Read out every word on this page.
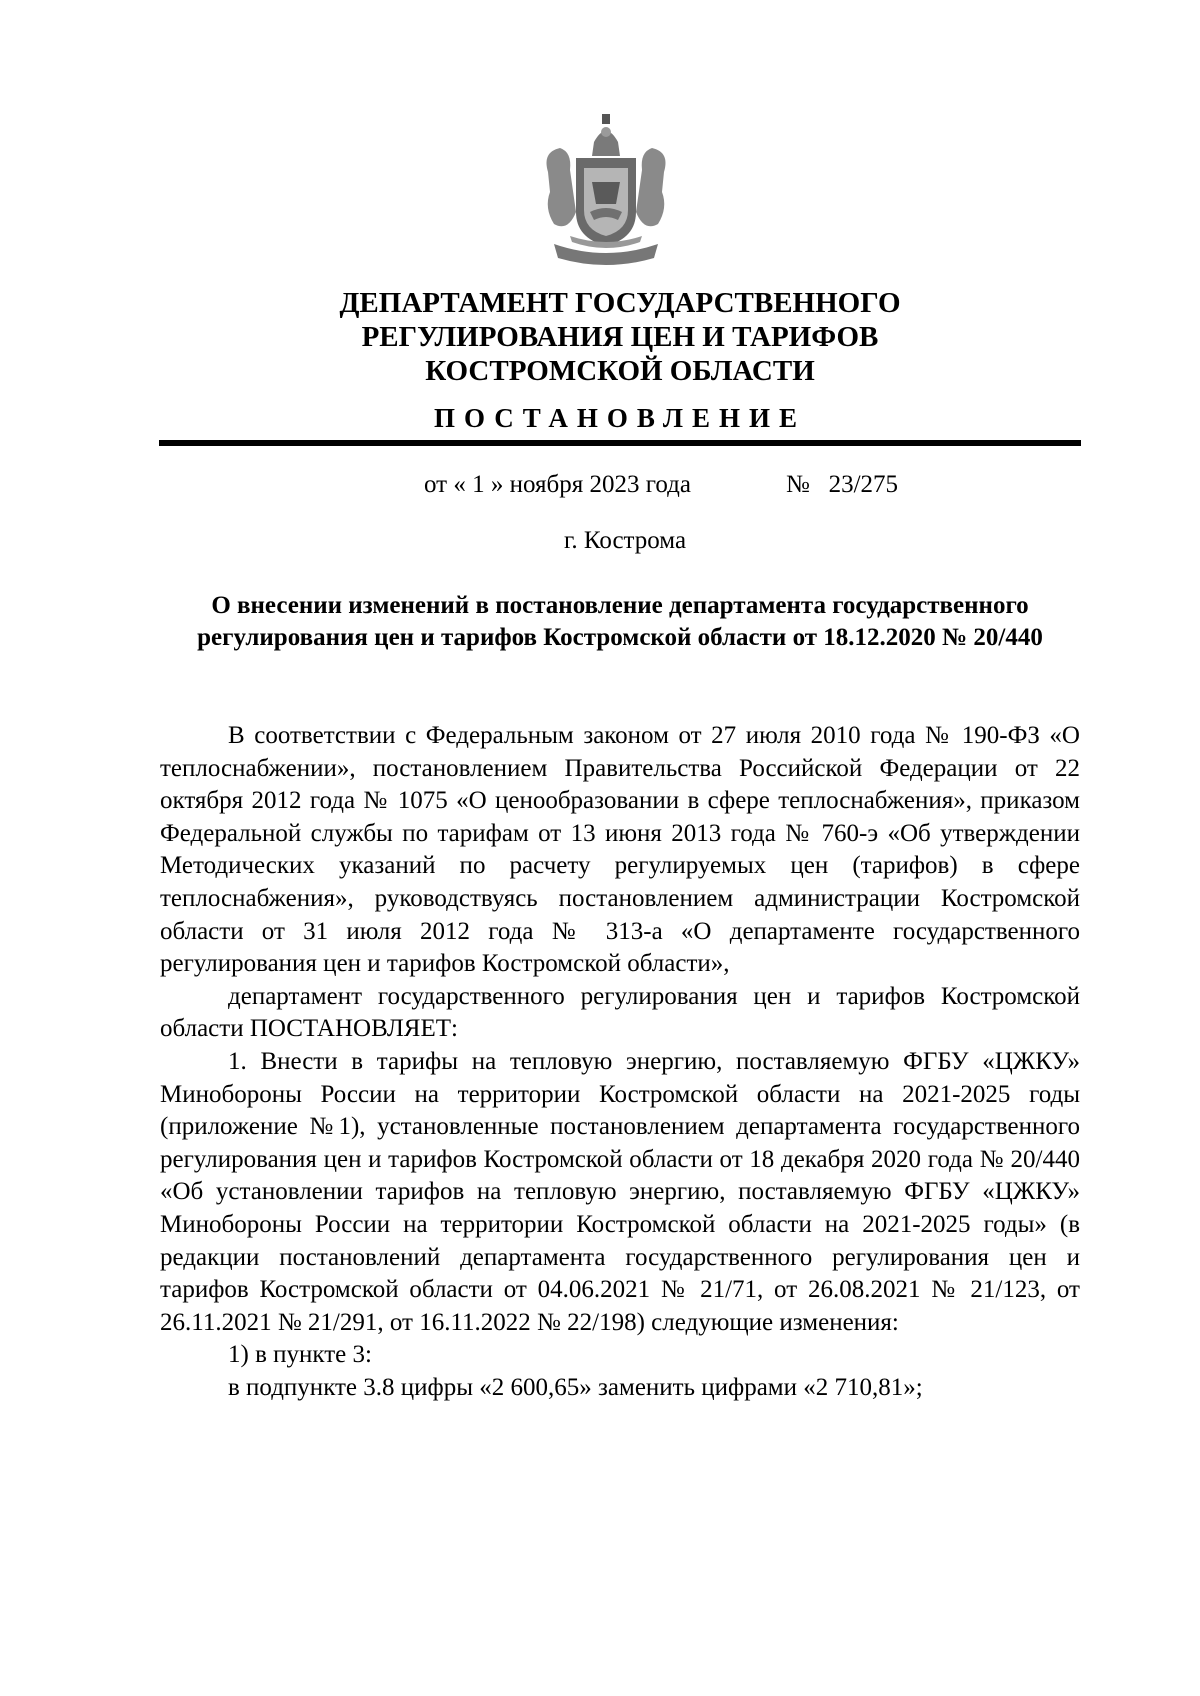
ДЕПАРТАМЕНТ ГОСУДАРСТВЕННОГО
РЕГУЛИРОВАНИЯ ЦЕН И ТАРИФОВ
КОСТРОМСКОЙ ОБЛАСТИ
ПОСТАНОВЛЕНИЕ
от « 1 » ноября 2023 года	№   23/275
г. Кострома
О внесении изменений в постановление департамента государственного
регулирования цен и тарифов Костромской области от 18.12.2020 № 20/440

В соответствии с Федеральным законом от 27 июля 2010 года № 190-ФЗ «О теплоснабжении», постановлением Правительства Российской Федерации от 22 октября 2012 года № 1075 «О ценообразовании в сфере теплоснабжения», приказом Федеральной службы по тарифам от 13 июня 2013 года № 760-э «Об утверждении Методических указаний по расчету регулируемых цен (тарифов) в сфере теплоснабжения», руководствуясь постановлением администрации Костромской области от 31 июля 2012 года № 313-а «О департаменте государственного регулирования цен и тарифов Костромской области»,

департамент государственного регулирования цен и тарифов Костромской области ПОСТАНОВЛЯЕТ:

1. Внести в тарифы на тепловую энергию, поставляемую ФГБУ «ЦЖКУ» Минобороны России на территории Костромской области на 2021-2025 годы (приложение №1), установленные постановлением департамента государственного регулирования цен и тарифов Костромской области от 18 декабря 2020 года № 20/440 «Об установлении тарифов на тепловую энергию, поставляемую ФГБУ «ЦЖКУ» Минобороны России на территории Костромской области на 2021-2025 годы» (в редакции постановлений департамента государственного регулирования цен и тарифов Костромской области от 04.06.2021 № 21/71, от 26.08.2021 № 21/123, от 26.11.2021 № 21/291, от 16.11.2022 № 22/198) следующие изменения:

1) в пункте 3:

в подпункте 3.8 цифры «2 600,65» заменить цифрами «2 710,81»;
